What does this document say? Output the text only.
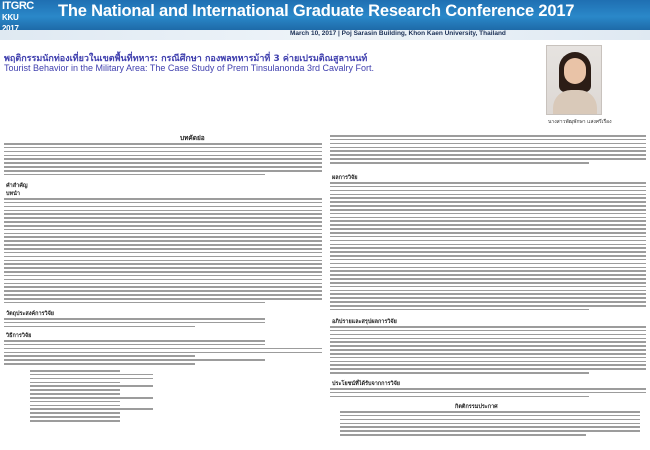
ITGRC
KKU 2017
The National and International Graduate Research Conference 2017
March 10, 2017 | Poj Sarasin Building, Khon Kaen University, Thailand
พฤติกรรมนักท่องเที่ยวในเขตพื้นที่ทหาร: กรณีศึกษา กองพลทหารม้าที่ 3 ค่ายเปรมติณสูลานนท์
Tourist Behavior in the Military Area: The Case Study of Prem Tinsulanonda 3rd Cavalry Fort.
นางสาวพัฒุพักษา แสงศรีเรือง
บทคัดย่อ
คำสำคัญ
บทนำ
วัตถุประสงค์การวิจัย
วิธีการวิจัย
ผลการวิจัย
อภิปรายและสรุปผลการวิจัย
ประโยชน์ที่ได้รับจากการวิจัย
กิตติกรรมประกาศ
